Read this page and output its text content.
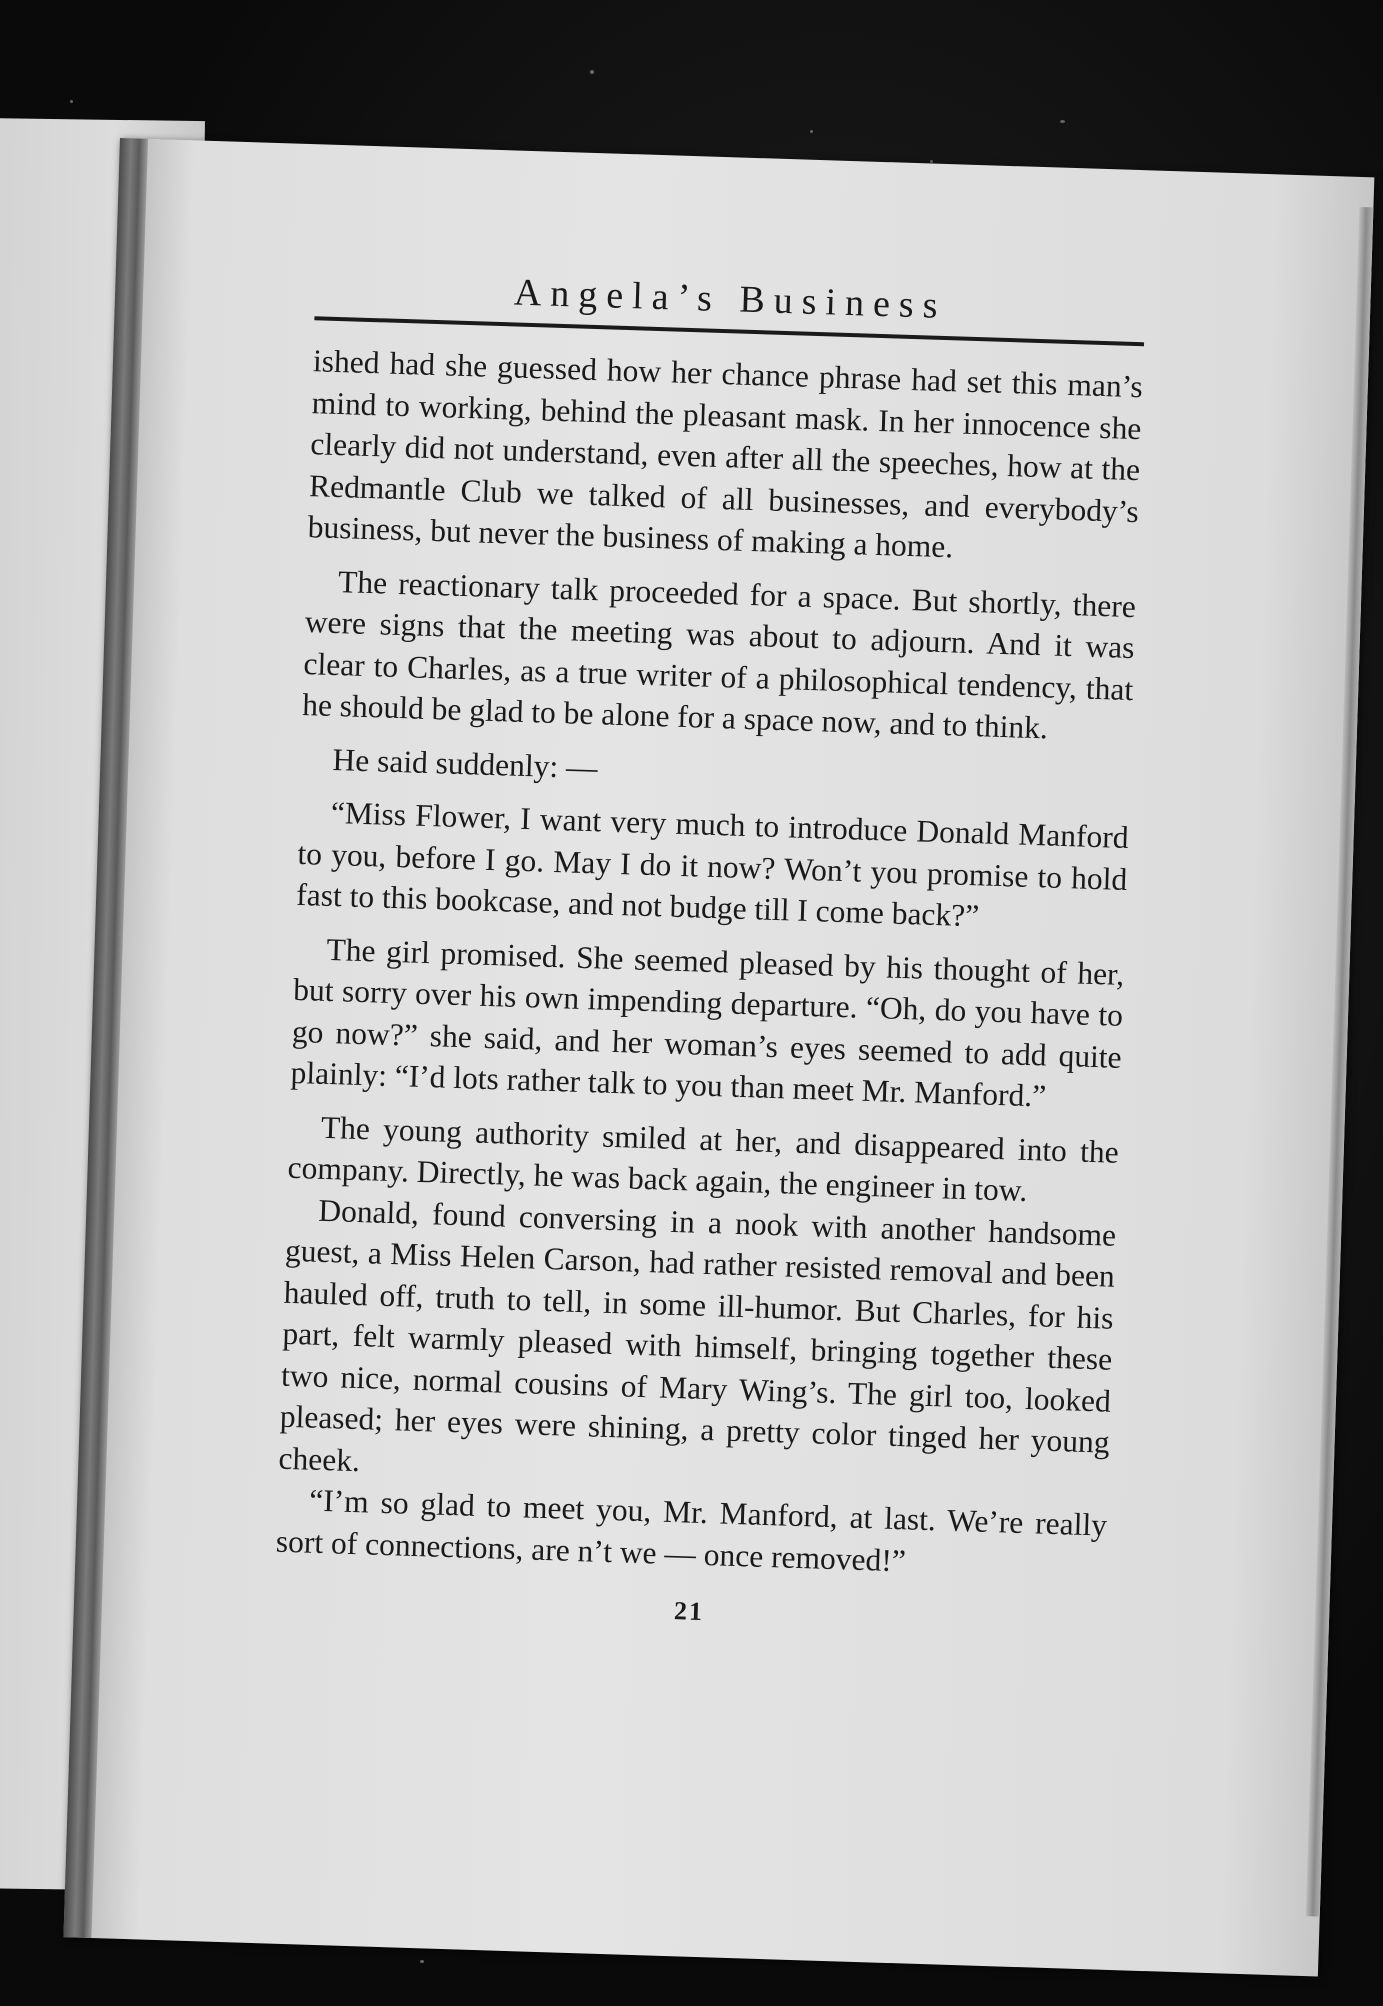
Angela’s Business

ished had she guessed how her chance phrase had set this man’s mind to working, behind the pleasant mask. In her innocence she clearly did not understand, even after all the speeches, how at the Redmantle Club we talked of all businesses, and everybody’s business, but never the business of making a home.

The reactionary talk proceeded for a space. But shortly, there were signs that the meeting was about to adjourn. And it was clear to Charles, as a true writer of a philosophical tendency, that he should be glad to be alone for a space now, and to think.

He said suddenly: —

“Miss Flower, I want very much to introduce Donald Manford to you, before I go. May I do it now? Won’t you promise to hold fast to this bookcase, and not budge till I come back?”

The girl promised. She seemed pleased by his thought of her, but sorry over his own impending departure. “Oh, do you have to go now?” she said, and her woman’s eyes seemed to add quite plainly: “I’d lots rather talk to you than meet Mr. Manford.”

The young authority smiled at her, and disappeared into the company. Directly, he was back again, the engineer in tow.

Donald, found conversing in a nook with another handsome guest, a Miss Helen Carson, had rather resisted removal and been hauled off, truth to tell, in some ill-humor. But Charles, for his part, felt warmly pleased with himself, bringing together these two nice, normal cousins of Mary Wing’s. The girl too, looked pleased; her eyes were shining, a pretty color tinged her young cheek.

“I’m so glad to meet you, Mr. Manford, at last. We’re really sort of connections, are n’t we — once removed!”

21
